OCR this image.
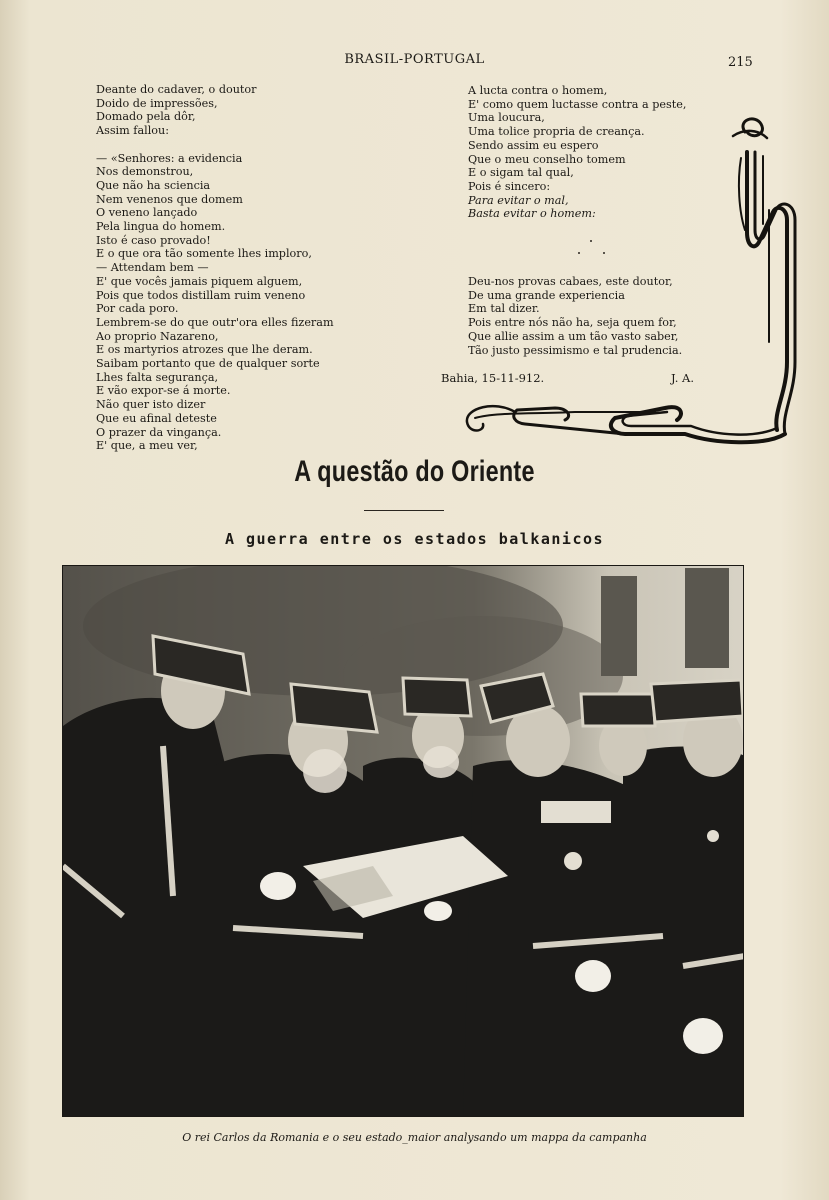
BRASIL-PORTUGAL	215
Deante do cadaver, o doutor
Doido de impressões,
Domado pela dôr,
Assim fallou:

— «Senhores: a evidencia
Nos demonstrou,
Que não ha sciencia
Nem venenos que domem
O veneno lançado
Pela lingua do homem.
Isto é caso provado!
E o que ora tão somente lhes imploro,
— Attendam bem —
E' que vocês jamais piquem alguem,
Pois que todos distillam ruim veneno
Por cada poro.
Lembrem-se do que outr'ora elles fizeram
Ao proprio Nazareno,
E os martyrios atrozes que lhe deram.
Saibam portanto que de qualquer sorte
Lhes falta segurança,
E vão expor-se á morte.
Não quer isto dizer
Que eu afinal deteste
O prazer da vingança.
E' que, a meu ver,
A lucta contra o homem,
E' como quem luctasse contra a peste,
Uma loucura,
Uma tolice propria de creança.
Sendo assim eu espero
Que o meu conselho tomem
E o sigam tal qual,
Pois é sincero:
Para evitar o mal,
Basta evitar o homem:
Deu-nos provas cabaes, este doutor,
De uma grande experiencia
Em tal dizer.
Pois entre nós não ha, seja quem for,
Que allie assim a um tão vasto saber,
Tão justo pessimismo e tal prudencia.
Bahia, 15-11-912.	J. A.
A questão do Oriente
A guerra entre os estados balkanicos
O rei Carlos da Romania e o seu estado_maior analysando um mappa da campanha
